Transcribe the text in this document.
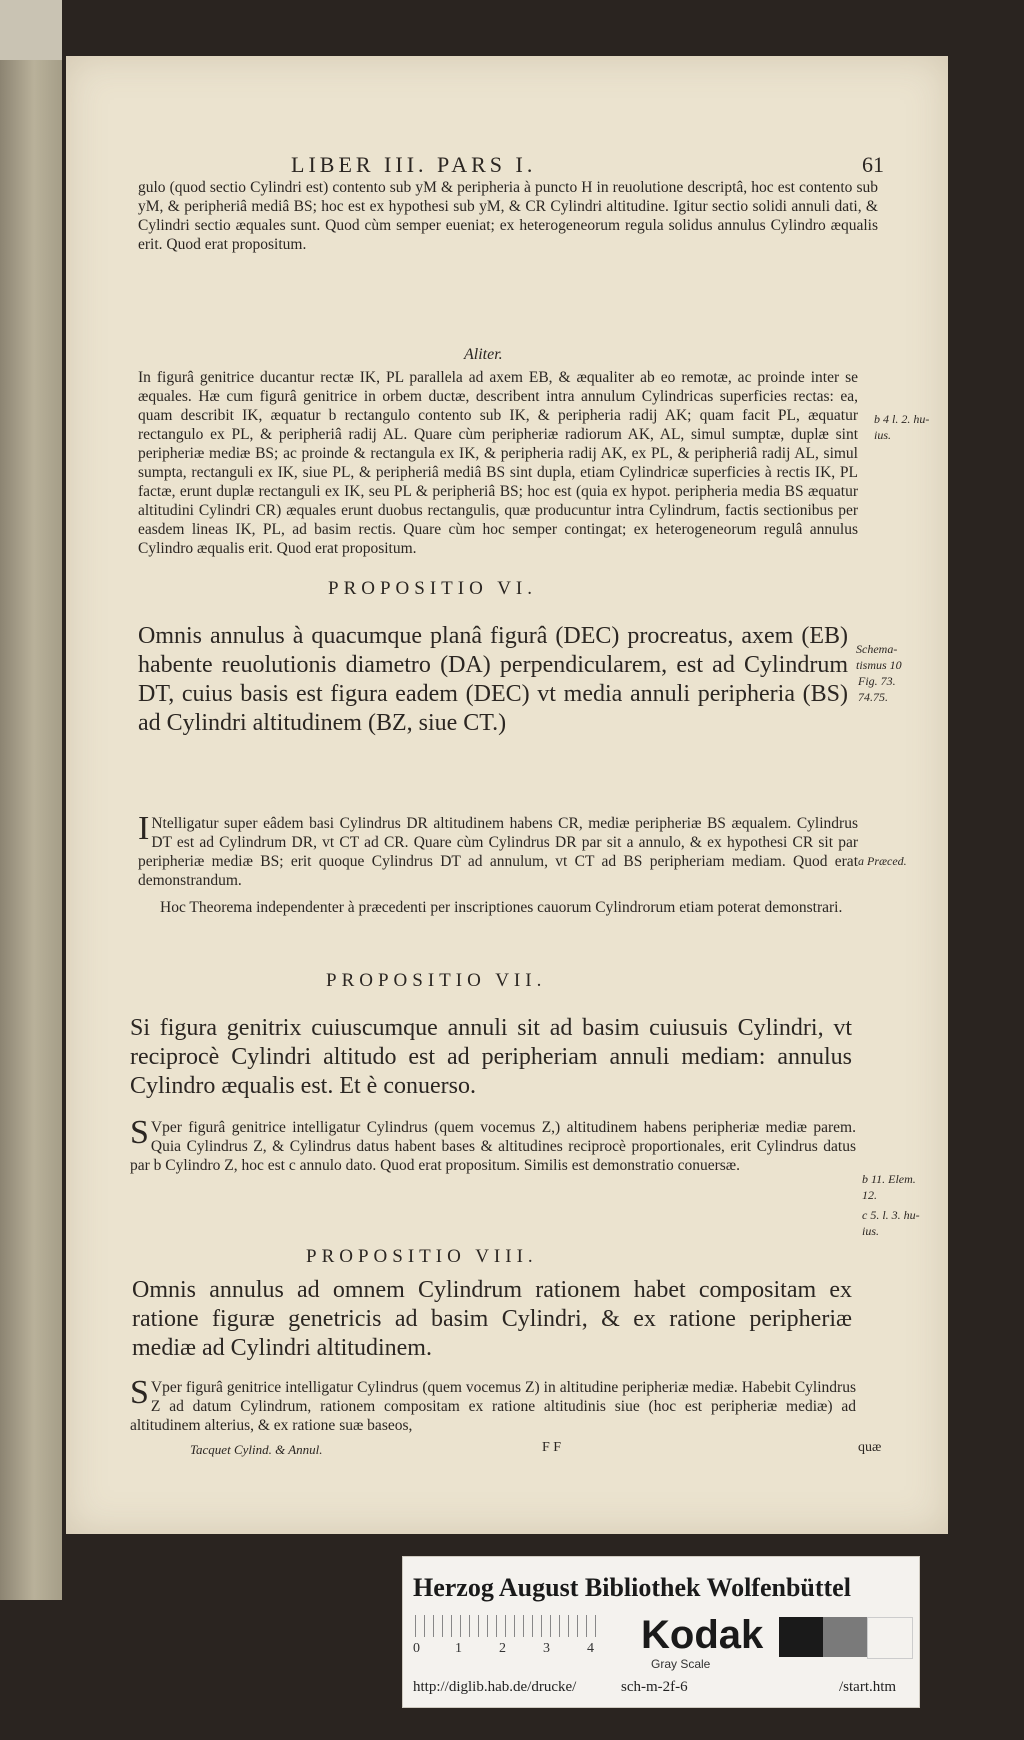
LIBER III. PARS I.	61
gulo (quod sectio Cylindri est) contento sub yM & peripheria à puncto H in reuolutione descriptâ, hoc est contento sub yM, & peripheriâ mediâ BS; hoc est ex hypothesi sub yM, & CR Cylindri altitudine. Igitur sectio solidi annuli dati, & Cylindri sectio æquales sunt. Quod cùm semper eueniat; ex heterogeneorum regula solidus annulus Cylindro æqualis erit. Quod erat propositum.
Aliter.
In figurâ genitrice ducantur rectæ IK, PL parallela ad axem EB, & æqualiter ab eo remotæ, ac proinde inter se æquales. Hæ cum figurâ genitrice in orbem ductæ, describent intra annulum Cylindricas superficies rectas: ea, quam describit IK, æquatur b rectangulo contento sub IK, & peripheria radij AK; quam facit PL, æquatur rectangulo ex PL, & peripheriâ radij AL. Quare cùm peripheriæ radiorum AK, AL, simul sumptæ, duplæ sint peripheriæ mediæ BS; ac proinde & rectangula ex IK, & peripheria radij AK, ex PL, & peripheriâ radij AL, simul sumpta, rectanguli ex IK, siue PL, & peripheriâ mediâ BS sint dupla, etiam Cylindricæ superficies à rectis IK, PL factæ, erunt duplæ rectanguli ex IK, seu PL & peripheriâ BS; hoc est (quia ex hypot. peripheria media BS æquatur altitudini Cylindri CR) æquales erunt duobus rectangulis, quæ producuntur intra Cylindrum, factis sectionibus per easdem lineas IK, PL, ad basim rectis. Quare cùm hoc semper contingat; ex heterogeneorum regulâ annulus Cylindro æqualis erit. Quod erat propositum.
b 4 l. 2. hu-
ius.
PROPOSITIO VI.
Omnis annulus à quacumque planâ figurâ (DEC) procreatus, axem (EB) habente reuolutionis diametro (DA) perpendicularem, est ad Cylindrum DT, cuius basis est figura eadem (DEC) vt media annuli peripheria (BS) ad Cylindri altitudinem (BZ, siue CT.)
Schema-
tismus 10
Fig. 73.
74.75.
I Ntelligatur super eâdem basi Cylindrus DR altitudinem habens CR, mediæ peripheriæ BS æqualem. Cylindrus DT est ad Cylindrum DR, vt CT ad CR. Quare cùm Cylindrus DR par sit a annulo, & ex hypothesi CR sit par peripheriæ mediæ BS; erit quoque Cylindrus DT ad annulum, vt CT ad BS peripheriam mediam. Quod erat demonstrandum.
a Præced.
Hoc Theorema independenter à præcedenti per inscriptiones cauorum Cylindrorum etiam poterat demonstrari.
PROPOSITIO VII.
Si figura genitrix cuiuscumque annuli sit ad basim cuiusuis Cylindri, vt reciprocè Cylindri altitudo est ad peripheriam annuli mediam: annulus Cylindro æqualis est. Et è conuerso.
S Vper figurâ genitrice intelligatur Cylindrus (quem vocemus Z,) altitudinem habens peripheriæ mediæ parem. Quia Cylindrus Z, & Cylindrus datus habent bases & altitudines reciprocè proportionales, erit Cylindrus datus par b Cylindro Z, hoc est c annulo dato. Quod erat propositum. Similis est demonstratio conuersæ.
b 11. Elem.
12.
c 5. l. 3. hu-
ius.
PROPOSITIO VIII.
Omnis annulus ad omnem Cylindrum rationem habet compositam ex ratione figuræ genetricis ad basim Cylindri, & ex ratione peripheriæ mediæ ad Cylindri altitudinem.
S Vper figurâ genitrice intelligatur Cylindrus (quem vocemus Z) in altitudine peripheriæ mediæ. Habebit Cylindrus Z ad datum Cylindrum, rationem compositam ex ratione altitudinis siue (hoc est peripheriæ mediæ) ad altitudinem alterius, & ex ratione suæ baseos,
Tacquet Cylind. & Annul.	F F	quæ
Herzog August Bibliothek Wolfenbüttel
0	1	2	3	4 Kodak
Gray Scale
http://diglib.hab.de/drucke/	sch-m-2f-6	/start.htm
